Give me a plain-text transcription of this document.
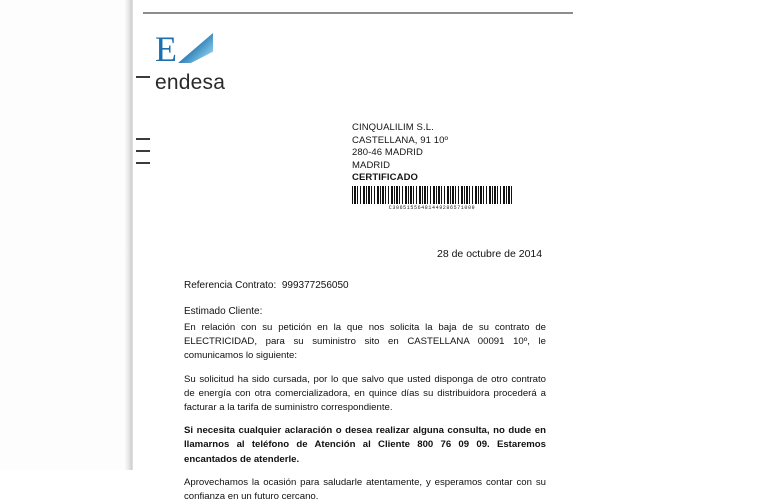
E
endesa
CINQUALILIM S.L.
CASTELLANA, 91 10º
280-46 MADRID
MADRID
CERTIFICADO
C30651556481449286571009
28 de octubre de 2014
Referencia Contrato: 999377256050
Estimado Cliente:

En relación con su petición en la que nos solicita la baja de su contrato de ELECTRICIDAD, para su suministro sito en CASTELLANA 00091 10º, le comunicamos lo siguiente:

Su solicitud ha sido cursada, por lo que salvo que usted disponga de otro contrato de energía con otra comercializadora, en quince días su distribuidora procederá a facturar a la tarifa de suministro correspondiente.

Si necesita cualquier aclaración o desea realizar alguna consulta, no dude en llamarnos al teléfono de Atención al Cliente 800 76 09 09. Estaremos encantados de atenderle.

Aprovechamos la ocasión para saludarle atentamente, y esperamos contar con su confianza en un futuro cercano.
